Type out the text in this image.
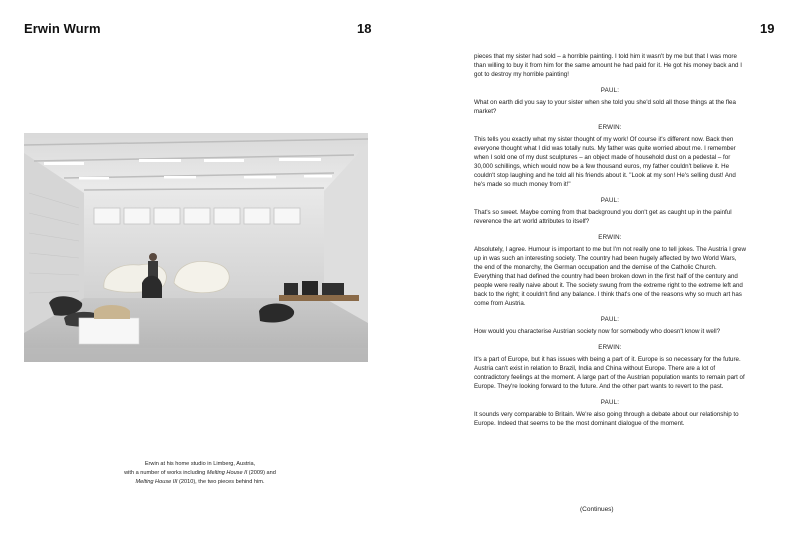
Erwin Wurm	18
Erwin at his home studio in Limberg, Austria,
with a number of works including Melting House II (2009) and
Melting House III (2010), the two pieces behind him.
19

pieces that my sister had sold – a horrible painting. I told him it wasn't by me but that I was more than willing to buy it from him for the same amount he had paid for it. He got his money back and I got to destroy my horrible painting!

PAUL:

What on earth did you say to your sister when she told you she'd sold all those things at the flea market?

ERWIN:

This tells you exactly what my sister thought of my work! Of course it's different now. Back then everyone thought what I did was totally nuts. My father was quite worried about me. I remember when I sold one of my dust sculptures – an object made of household dust on a pedestal – for 30,000 schillings, which would now be a few thousand euros, my father couldn't believe it. He couldn't stop laughing and he told all his friends about it. "Look at my son! He's selling dust! And he's made so much money from it!"

PAUL:

That's so sweet. Maybe coming from that background you don't get as caught up in the painful reverence the art world attributes to itself?

ERWIN:

Absolutely, I agree. Humour is important to me but I'm not really one to tell jokes. The Austria I grew up in was such an interesting society. The country had been hugely affected by two World Wars, the end of the monarchy, the German occupation and the demise of the Catholic Church. Everything that had defined the country had been broken down in the first half of the century and people were really naive about it. The society swung from the extreme right to the extreme left and back to the right; it couldn't find any balance. I think that's one of the reasons why so much art has come from Austria.

PAUL:

How would you characterise Austrian society now for somebody who doesn't know it well?

ERWIN:

It's a part of Europe, but it has issues with being a part of it. Europe is so necessary for the future. Austria can't exist in relation to Brazil, India and China without Europe. There are a lot of contradictory feelings at the moment. A large part of the Austrian population wants to remain part of Europe. They're looking forward to the future. And the other part wants to revert to the past.

PAUL:

It sounds very comparable to Britain. We're also going through a debate about our relationship to Europe. Indeed that seems to be the most dominant dialogue of the moment.

(Continues)
